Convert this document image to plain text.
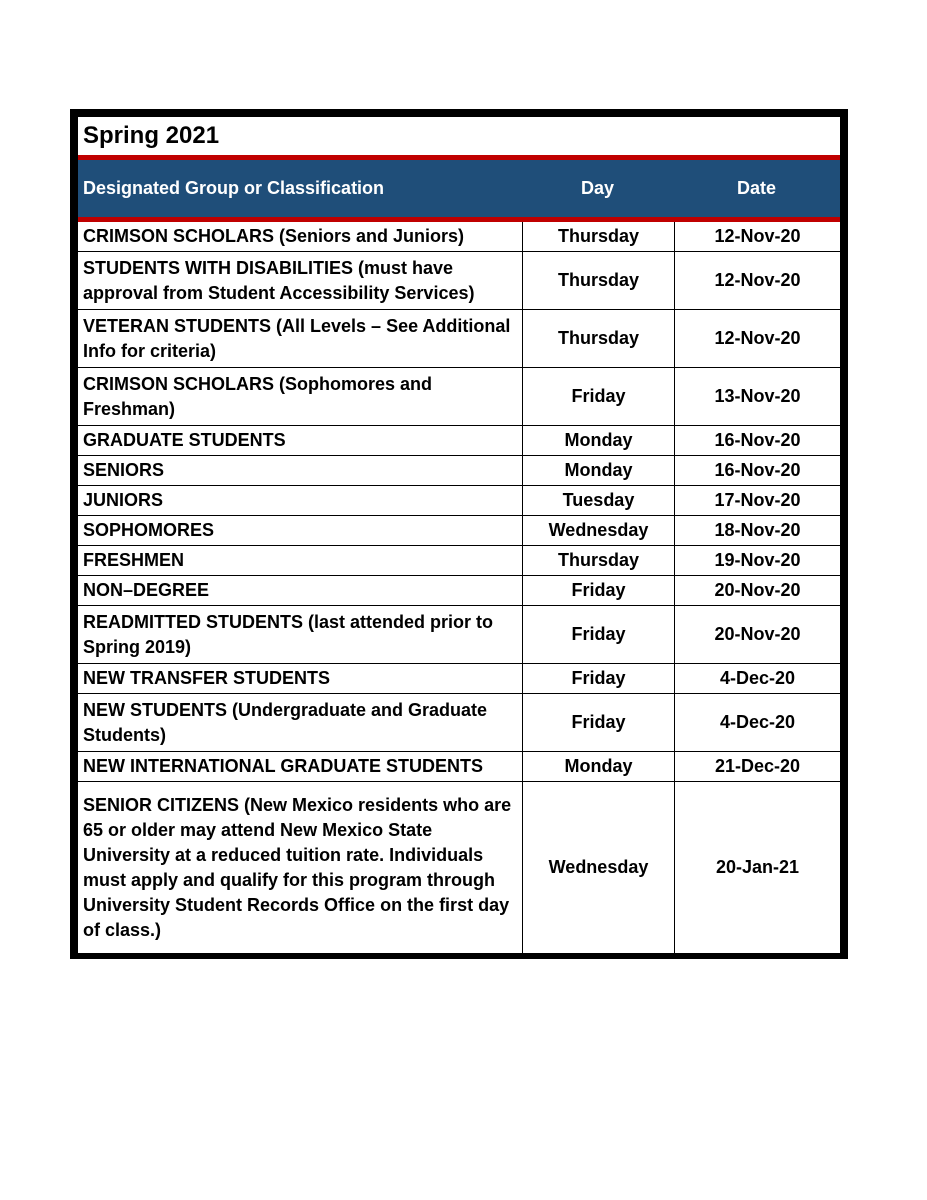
Spring 2021
Designated Group or Classification	Day	Date
CRIMSON SCHOLARS (Seniors and Juniors)	Thursday	12-Nov-20
STUDENTS WITH DISABILITIES (must have approval from Student Accessibility Services)	Thursday	12-Nov-20
VETERAN STUDENTS (All Levels – See Additional Info for criteria)	Thursday	12-Nov-20
CRIMSON SCHOLARS (Sophomores and Freshman)	Friday	13-Nov-20
GRADUATE STUDENTS	Monday	16-Nov-20
SENIORS	Monday	16-Nov-20
JUNIORS	Tuesday	17-Nov-20
SOPHOMORES	Wednesday	18-Nov-20
FRESHMEN	Thursday	19-Nov-20
NON–DEGREE	Friday	20-Nov-20
READMITTED STUDENTS (last attended prior to Spring 2019)	Friday	20-Nov-20
NEW TRANSFER STUDENTS	Friday	4-Dec-20
NEW STUDENTS (Undergraduate and Graduate Students)	Friday	4-Dec-20
NEW INTERNATIONAL GRADUATE STUDENTS	Monday	21-Dec-20
SENIOR CITIZENS (New Mexico residents who are 65 or older may attend New Mexico State University at a reduced tuition rate. Individuals must apply and qualify for this program through University Student Records Office on the first day of class.)	Wednesday	20-Jan-21
